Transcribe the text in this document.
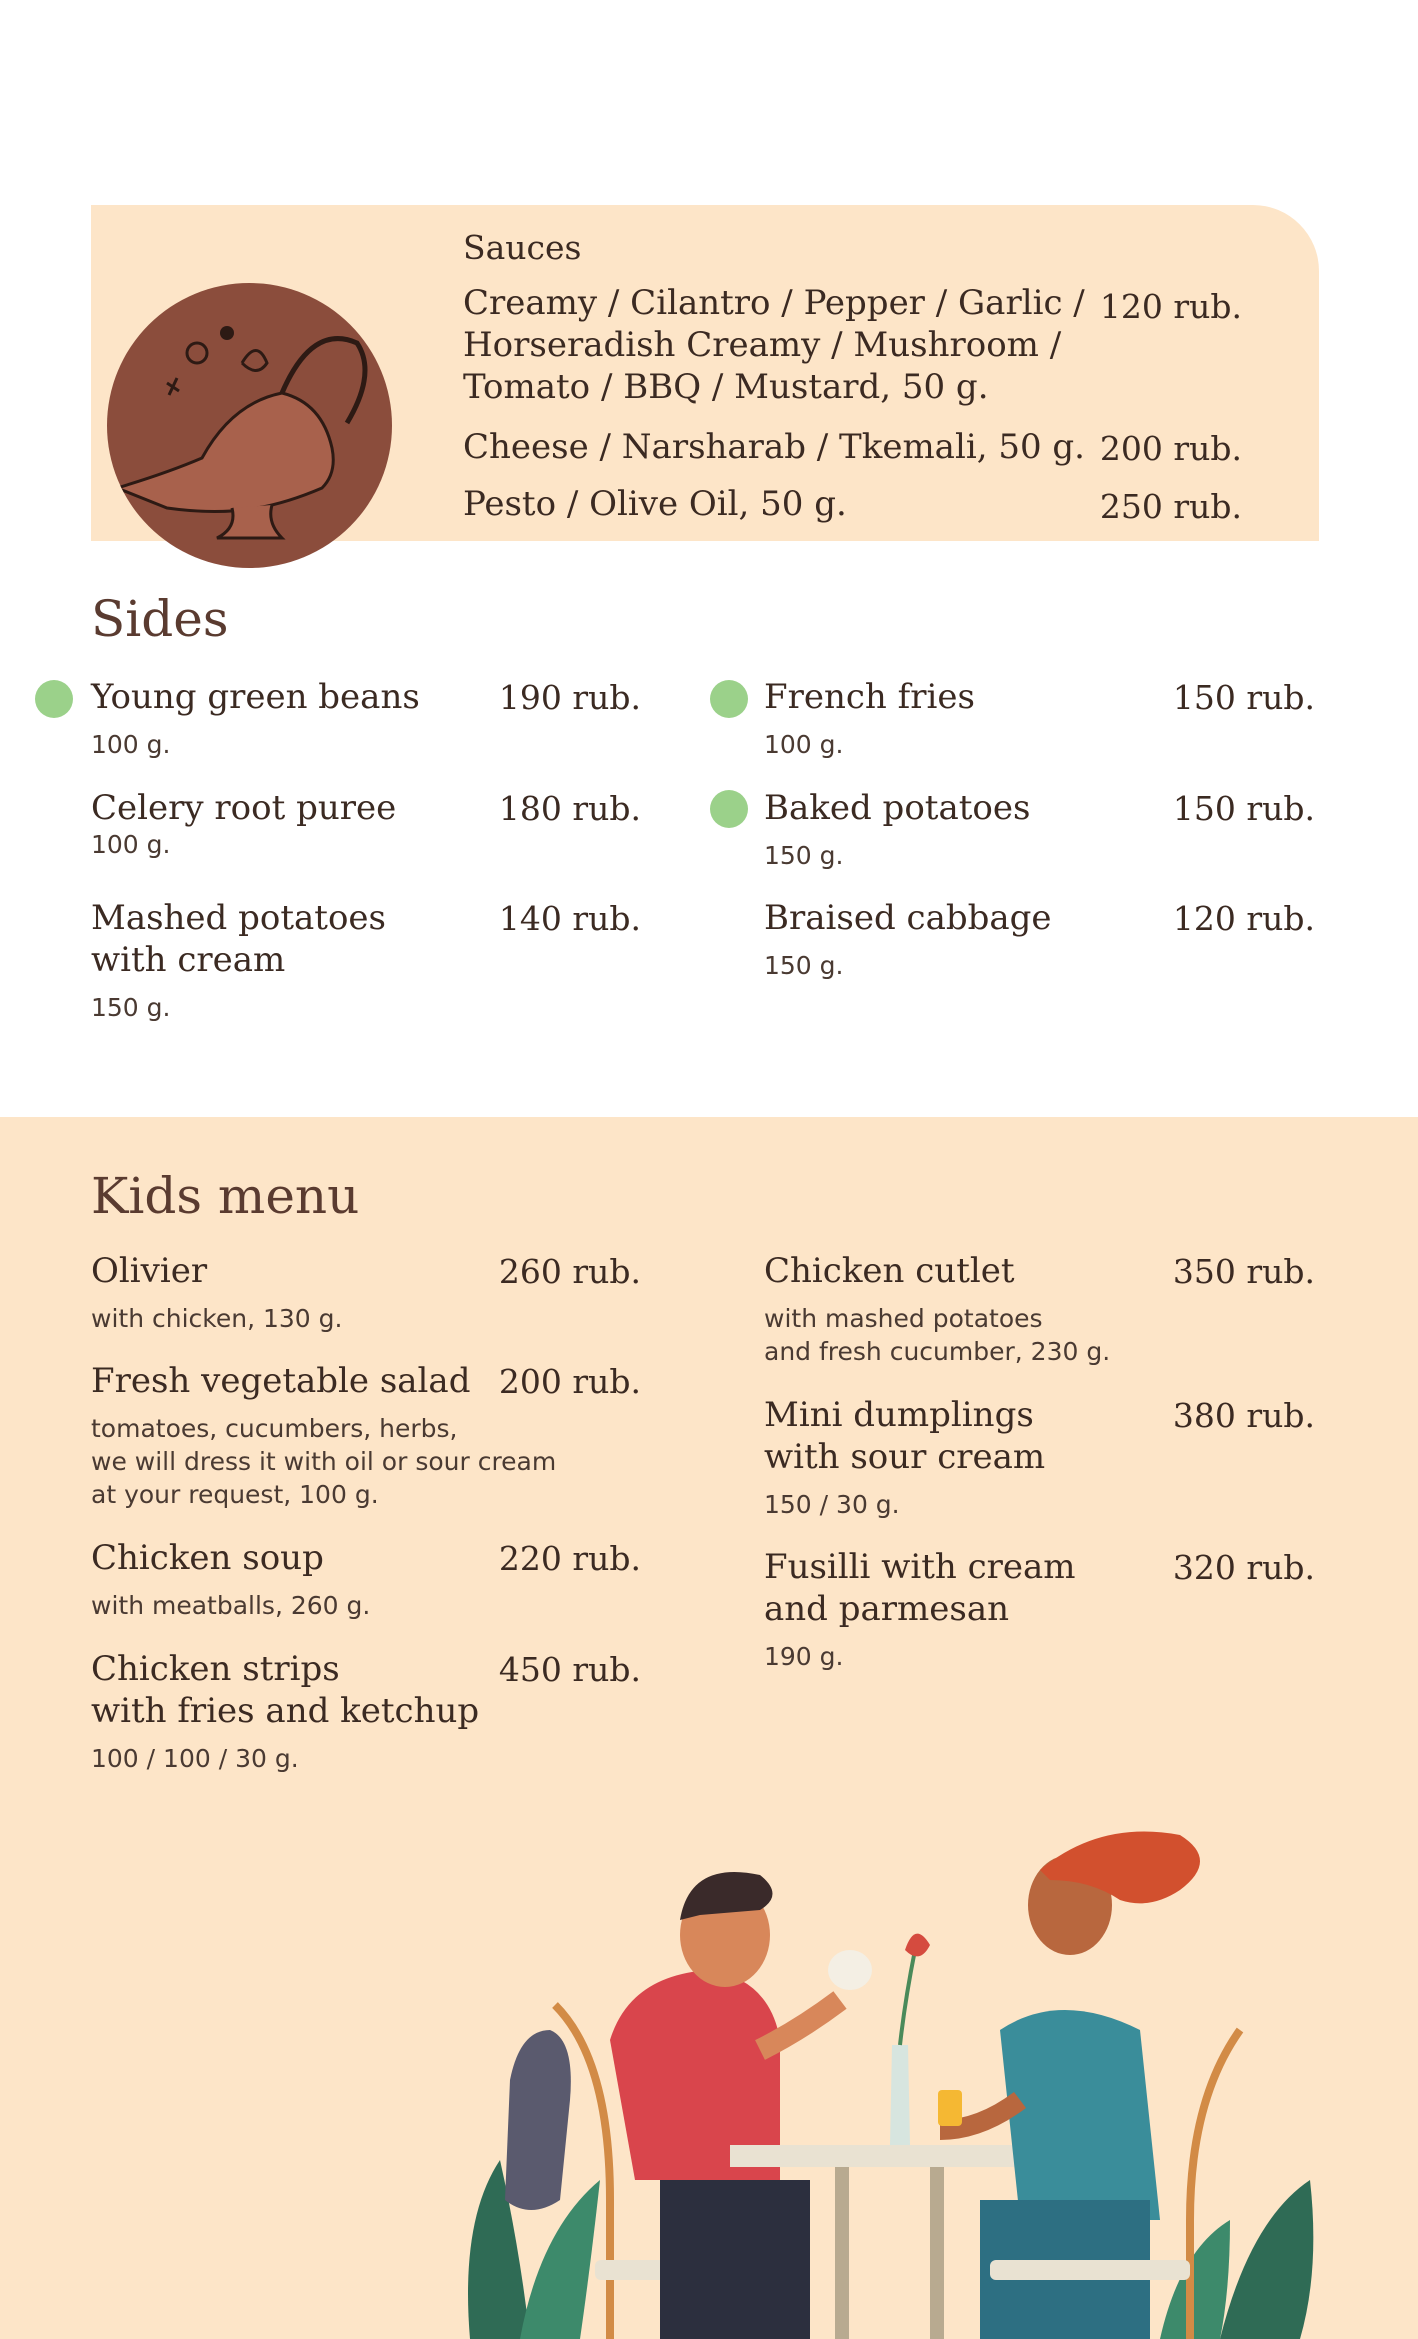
Sauces
Creamy / Cilantro / Pepper / Garlic /
Horseradish Creamy / Mushroom /
Tomato / BBQ / Mustard, 50 g.
120 rub.
Cheese / Narsharab / Tkemali, 50 g. 200 rub.
Pesto / Olive Oil, 50 g.	250 rub.
Sides
Young green beans	190 rub.
100 g.
Celery root puree	180 rub.
100 g.
Mashed potatoes
with cream
140 rub.
150 g.
French fries	150 rub.
100 g.
Baked potatoes	150 rub.
150 g.
Braised cabbage	120 rub.
150 g.
Kids menu
Olivier	260 rub.
with chicken, 130 g.
Fresh vegetable salad 200 rub.
tomatoes, cucumbers, herbs,
we will dress it with oil or sour cream
at your request, 100 g.
Chicken soup	220 rub.
with meatballs, 260 g.
Chicken strips
with fries and ketchup
450 rub.
100 / 100 / 30 g.
Chicken cutlet	350 rub.
with mashed potatoes
and fresh cucumber, 230 g.
Mini dumplings
with sour cream
380 rub.
150 / 30 g.
Fusilli with cream
and parmesan
320 rub.
190 g.
